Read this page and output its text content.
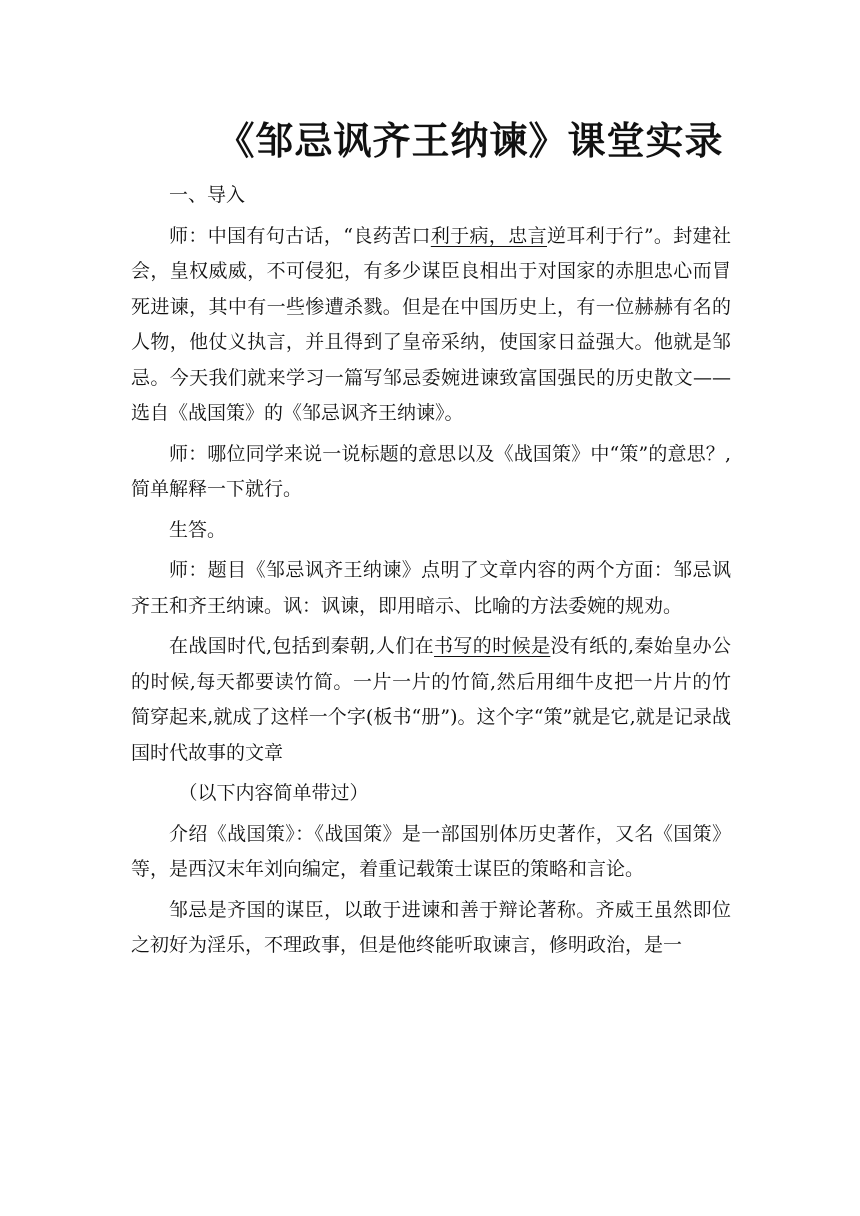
《邹忌讽齐王纳谏》课堂实录

一、导入

师：中国有句古话，“良药苦口利于病，忠言逆耳利于行”。封建社会，皇权威威，不可侵犯，有多少谋臣良相出于对国家的赤胆忠心而冒死进谏，其中有一些惨遭杀戮。但是在中国历史上，有一位赫赫有名的人物，他仗义执言，并且得到了皇帝采纳，使国家日益强大。他就是邹忌。今天我们就来学习一篇写邹忌委婉进谏致富国强民的历史散文——选自《战国策》的《邹忌讽齐王纳谏》。

师：哪位同学来说一说标题的意思以及《战国策》中“策”的意思？,简单解释一下就行。

生答。

师：题目《邹忌讽齐王纳谏》点明了文章内容的两个方面：邹忌讽齐王和齐王纳谏。讽：讽谏，即用暗示、比喻的方法委婉的规劝。

在战国时代,包括到秦朝,人们在书写的时候是没有纸的,秦始皇办公的时候,每天都要读竹简。一片一片的竹简,然后用细牛皮把一片片的竹简穿起来,就成了这样一个字(板书“册”)。这个字“策”就是它,就是记录战国时代故事的文章

（以下内容简单带过）

介绍《战国策》：《战国策》是一部国别体历史著作，又名《国策》等，是西汉末年刘向编定，着重记载策士谋臣的策略和言论。

邹忌是齐国的谋臣，以敢于进谏和善于辩论著称。齐威王虽然即位之初好为淫乐，不理政事，但是他终能听取谏言，修明政治，是一
